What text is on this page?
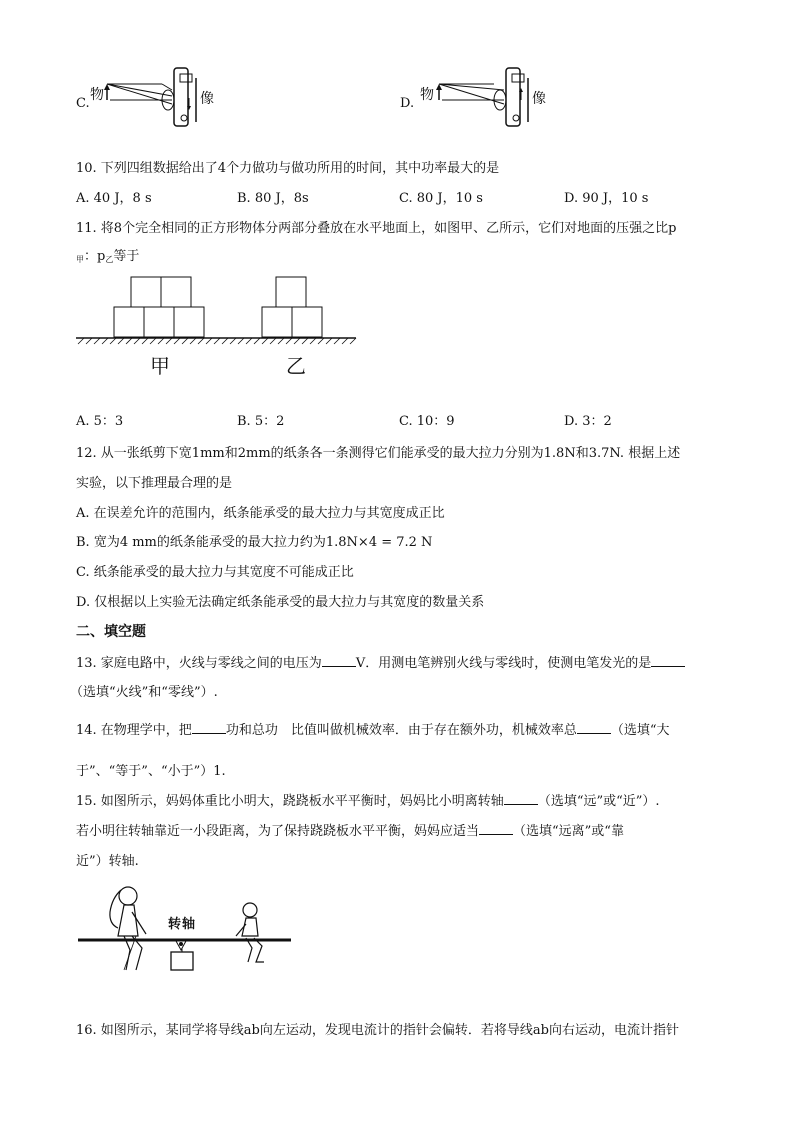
C.
物	像	D.
物	像
10. 下列四组数据给出了4个力做功与做功所用的时间，其中功率最大的是
A. 40 J，8 s	B. 80 J，8s	C. 80 J，10 s	D. 90 J，10 s
11. 将8个完全相同的正方形物体分两部分叠放在水平地面上，如图甲、乙所示，它们对地面的压强之比p
$_甲$：$p_乙$等于
甲	乙
A. 5：3	B. 5：2	C. 10：9	D. 3：2
12. 从一张纸剪下宽1mm和2mm的纸条各一条测得它们能承受的最大拉力分别为1.8N和3.7N. 根据上述
实验，以下推理最合理的是
A. 在误差允许的范围内，纸条能承受的最大拉力与其宽度成正比
B. 宽为4 mm的纸条能承受的最大拉力约为1.8N×4 = 7.2 N
C. 纸条能承受的最大拉力与其宽度不可能成正比
D. 仅根据以上实验无法确定纸条能承受的最大拉力与其宽度的数量关系
二、填空题
13. 家庭电路中，火线与零线之间的电压为	V．用测电笔辨别火线与零线时，使测电笔发光的是
（选填“火线”和“零线”）.
14. 在物理学中，把	功和总功　比值叫做机械效率．由于存在额外功，机械效率总	（选填“大
于”、“等于”、“小于”）1.
15. 如图所示，妈妈体重比小明大，跷跷板水平平衡时，妈妈比小明离转轴	（选填“远”或“近”）.
若小明往转轴靠近一小段距离，为了保持跷跷板水平平衡，妈妈应适当	（选填“远离”或“靠
近”）转轴.
转轴
16. 如图所示，某同学将导线ab向左运动，发现电流计的指针会偏转．若将导线ab向右运动，电流计指针
